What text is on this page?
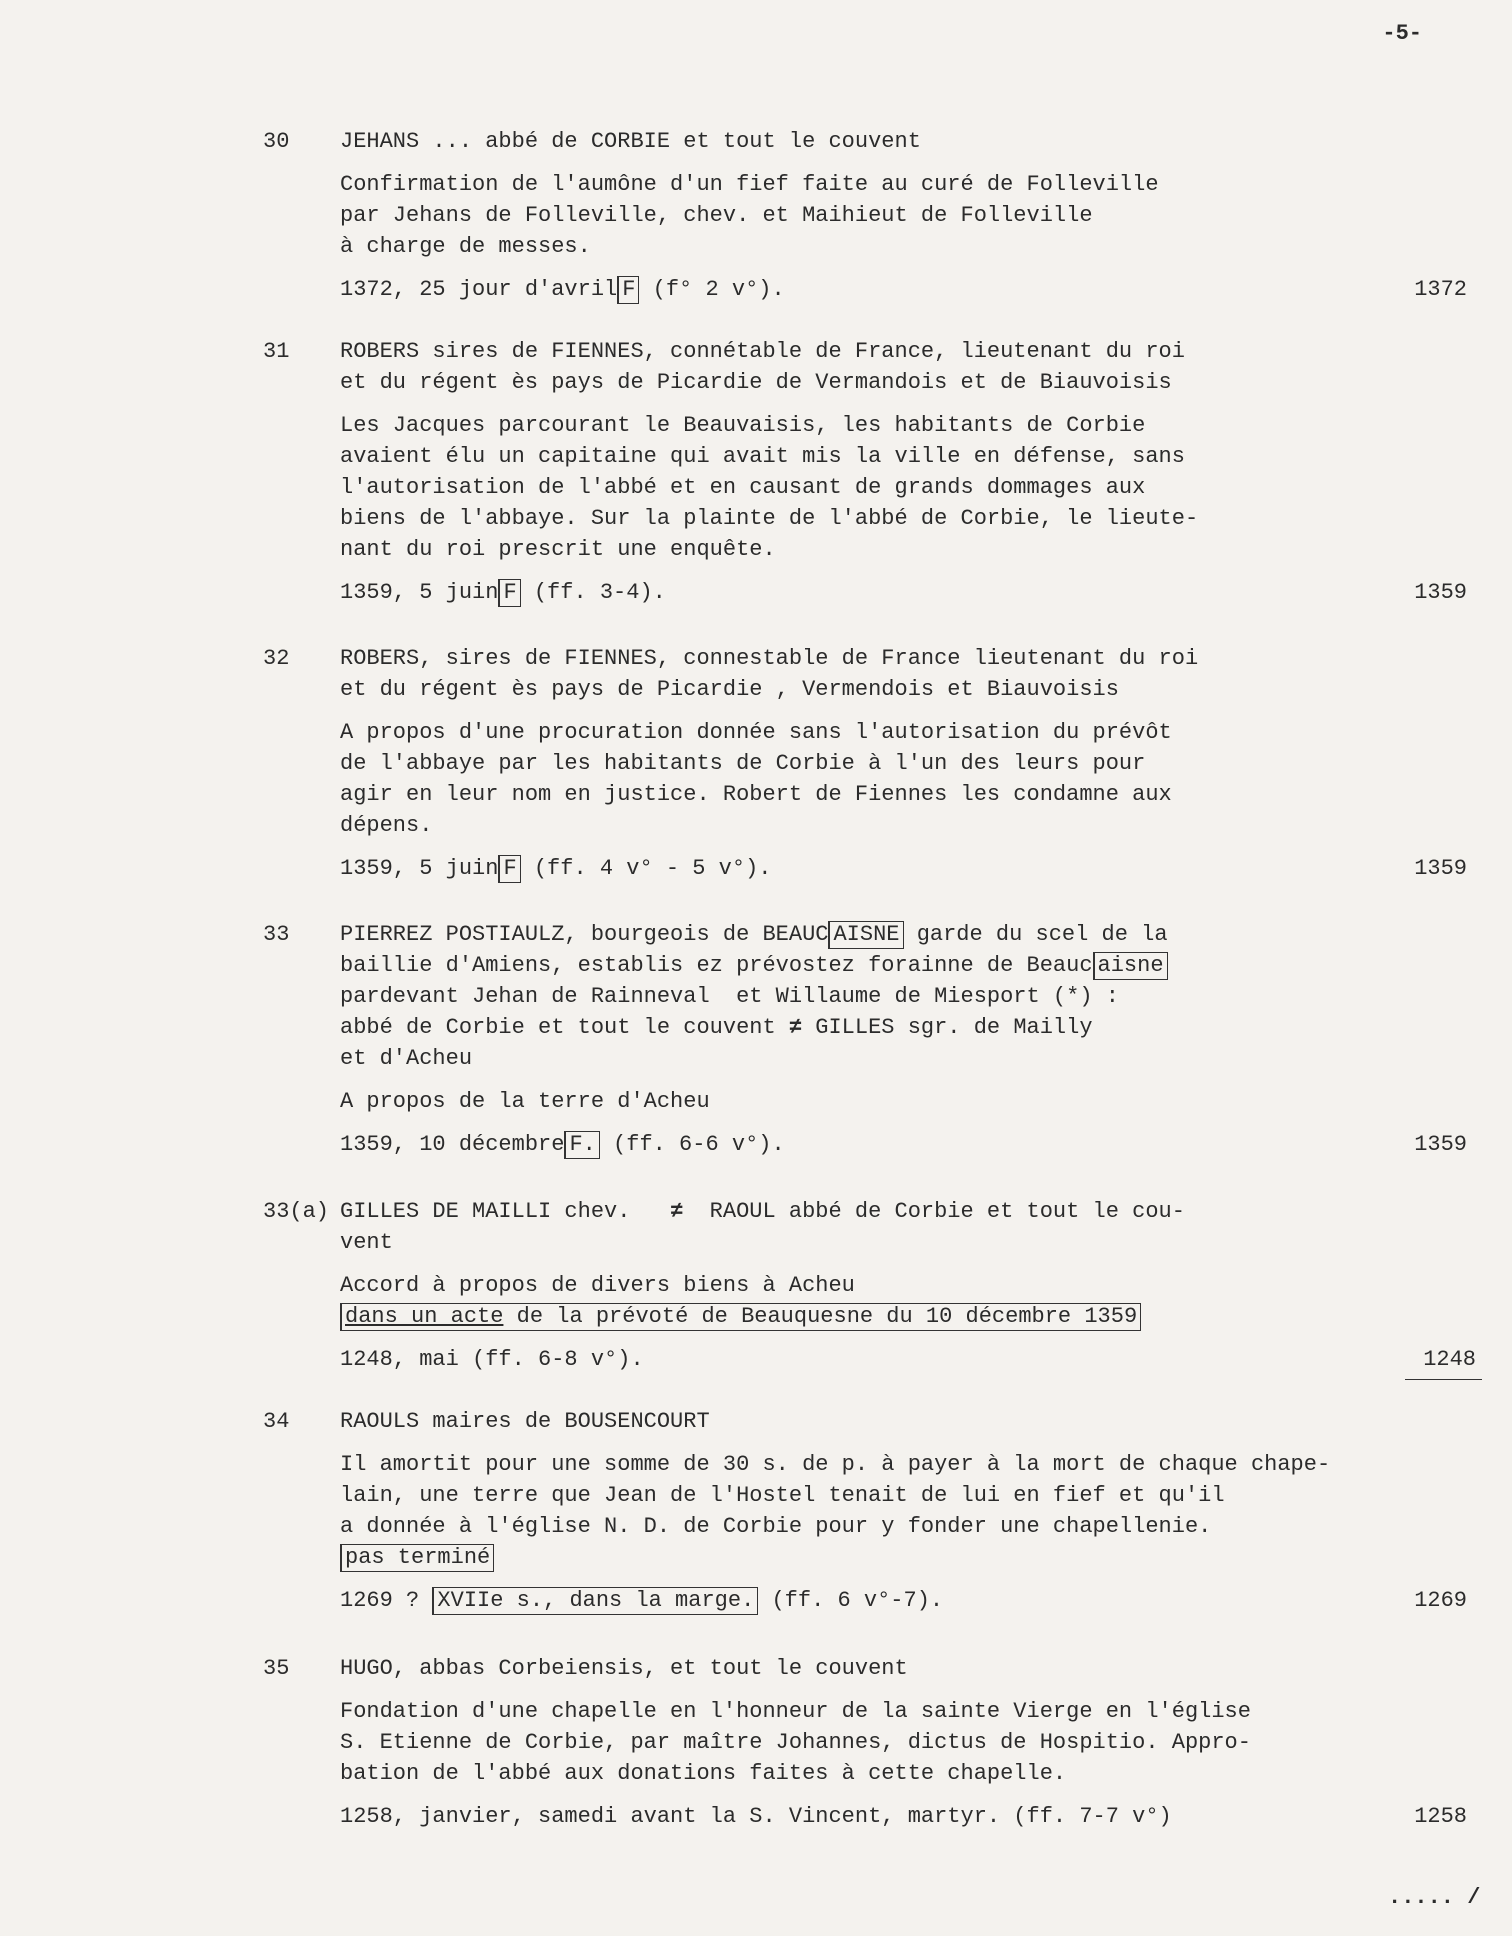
-5-
30	JEHANS ... abbé de CORBIE et tout le couvent

Confirmation de l'aumône d'un fief faite au curé de Folleville

par Jehans de Folleville, chev. et Maihieut de Folleville

à charge de messes.

1372, 25 jour d'avril F (f° 2 v°).	1372
31	ROBERS sires de FIENNES, connétable de France, lieutenant du roi
et du régent ès pays de Picardie de Vermandois et de Biauvoisis

Les Jacques parcourant le Beauvaisis, les habitants de Corbie

avaient élu un capitaine qui avait mis la ville en défense, sans

l'autorisation de l'abbé et en causant de grands dommages aux

biens de l'abbaye. Sur la plainte de l'abbé de Corbie, le lieute-

nant du roi prescrit une enquête.

1359, 5 juin F (ff. 3-4).	1359
32	ROBERS, sires de FIENNES, connestable de France lieutenant du roi
et du régent ès pays de Picardie , Vermendois et Biauvoisis

A propos d'une procuration donnée sans l'autorisation du prévôt

de l'abbaye par les habitants de Corbie à l'un des leurs pour

agir en leur nom en justice. Robert de Fiennes les condamne aux

dépens.

1359, 5 juin F (ff. 4 v° - 5 v°).	1359
33	PIERREZ POSTIAULZ, bourgeois de BEAUC AISNE garde du scel de la

baillie d'Amiens, establis ez prévostez forainne de Beauc aisne

pardevant Jehan de Rainneval  et Willaume de Miesport (*) :

abbé de Corbie et tout le couvent ≠ GILLES sgr. de Mailly

et d'Acheu

A propos de la terre d'Acheu

1359, 10 décembre F. (ff. 6-6 v°).	1359
33(a) GILLES DE MAILLI chev.   ≠  RAOUL abbé de Corbie et tout le cou-
vent

Accord à propos de divers biens à Acheu

dans un acte de la prévoté de Beauquesne du 10 décembre 1359

1248, mai (ff. 6-8 v°).	1248
34	RAOULS maires de BOUSENCOURT

Il amortit pour une somme de 30 s. de p. à payer à la mort de chaque chape-

lain, une terre que Jean de l'Hostel tenait de lui en fief et qu'il

a donnée à l'église N. D. de Corbie pour y fonder une chapellenie.

pas terminé

1269 ? XVIIe s., dans la marge. (ff. 6 v°-7).	1269
35	HUGO, abbas Corbeiensis, et tout le couvent

Fondation d'une chapelle en l'honneur de la sainte Vierge en l'église

S. Etienne de Corbie, par maître Johannes, dictus de Hospitio. Appro-

bation de l'abbé aux donations faites à cette chapelle.

1258, janvier, samedi avant la S. Vincent, martyr. (ff. 7-7 v°)	1258
..... /
